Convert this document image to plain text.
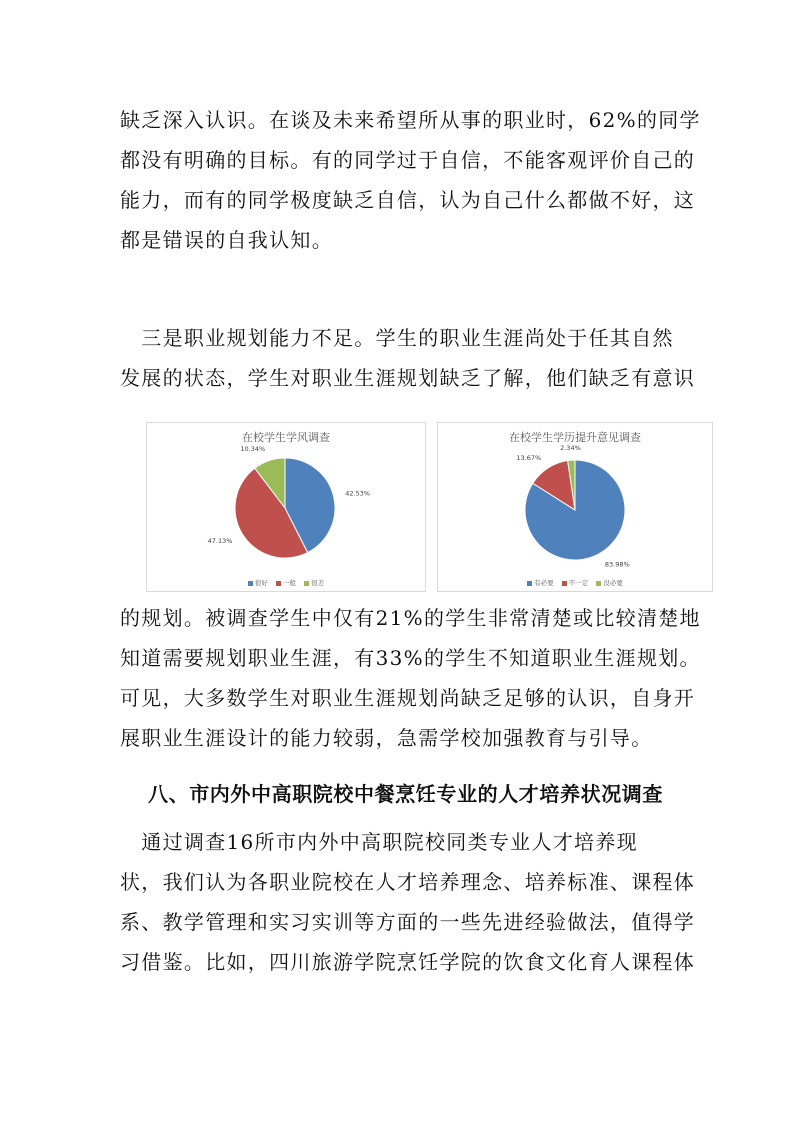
缺乏深入认识。在谈及未来希望所从事的职业时，62%的同学
都没有明确的目标。有的同学过于自信，不能客观评价自己的
能力，而有的同学极度缺乏自信，认为自己什么都做不好，这
都是错误的自我认知。
　三是职业规划能力不足。学生的职业生涯尚处于任其自然
发展的状态，学生对职业生涯规划缺乏了解，他们缺乏有意识
在校学生学风调查
42.53%
47.13%
10.34%
很好 一般 很差
在校学生学历提升意见调查
83.98%
13.67%
2.34%
有必要 不一定 没必要
的规划。被调查学生中仅有21%的学生非常清楚或比较清楚地
知道需要规划职业生涯，有33%的学生不知道职业生涯规划。
可见，大多数学生对职业生涯规划尚缺乏足够的认识，自身开
展职业生涯设计的能力较弱，急需学校加强教育与引导。
八、市内外中高职院校中餐烹饪专业的人才培养状况调查
　通过调查16所市内外中高职院校同类专业人才培养现
状，我们认为各职业院校在人才培养理念、培养标准、课程体
系、教学管理和实习实训等方面的一些先进经验做法，值得学
习借鉴。比如，四川旅游学院烹饪学院的饮食文化育人课程体
